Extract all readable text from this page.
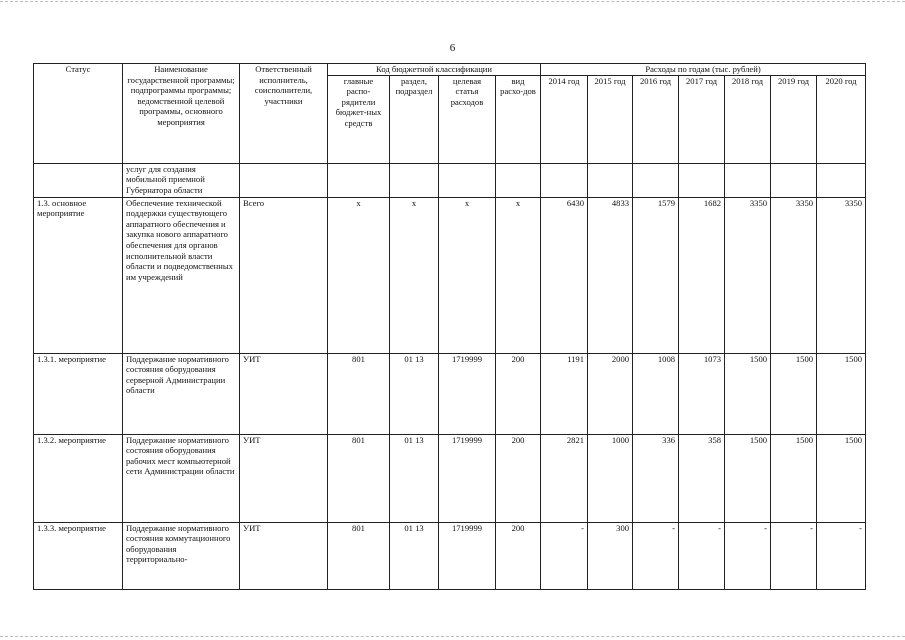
6
Статус	Наименование государственной программы; подпрограммы программы; ведомственной целевой программы, основного мероприятия	Ответственный исполнитель, соисполнители, участники	Код бюджетной классификации				Расходы по годам (тыс. рублей)						
			главные распо-рядители бюджет-ных средств	раздел, подраздел	целевая статья расходов	вид расхо-дов	2014 год	2015 год	2016 год	2017 год	2018 год	2019 год	2020 год
	услуг для создания мобильной приемной Губернатора области												
1.3. основное мероприятие	Обеспечение технической поддержки существующего аппаратного обеспечения и закупка нового аппаратного обеспечения для органов исполнительной власти области и подведомственных им учреждений	Всего	х	х	х	х	6430	4833	1579	1682	3350	3350	3350
1.3.1. мероприятие	Поддержание нормативного состояния оборудования серверной Администрации области	УИТ	801	01 13	1719999	200	1191	2000	1008	1073	1500	1500	1500
1.3.2. мероприятие	Поддержание нормативного состояния оборудования рабочих мест компьютерной сети Администрации области	УИТ	801	01 13	1719999	200	2821	1000	336	358	1500	1500	1500
1.3.3. мероприятие	Поддержание нормативного состояния коммутационного оборудования территориально-	УИТ	801	01 13	1719999	200	-	300	-	-	-	-	-
